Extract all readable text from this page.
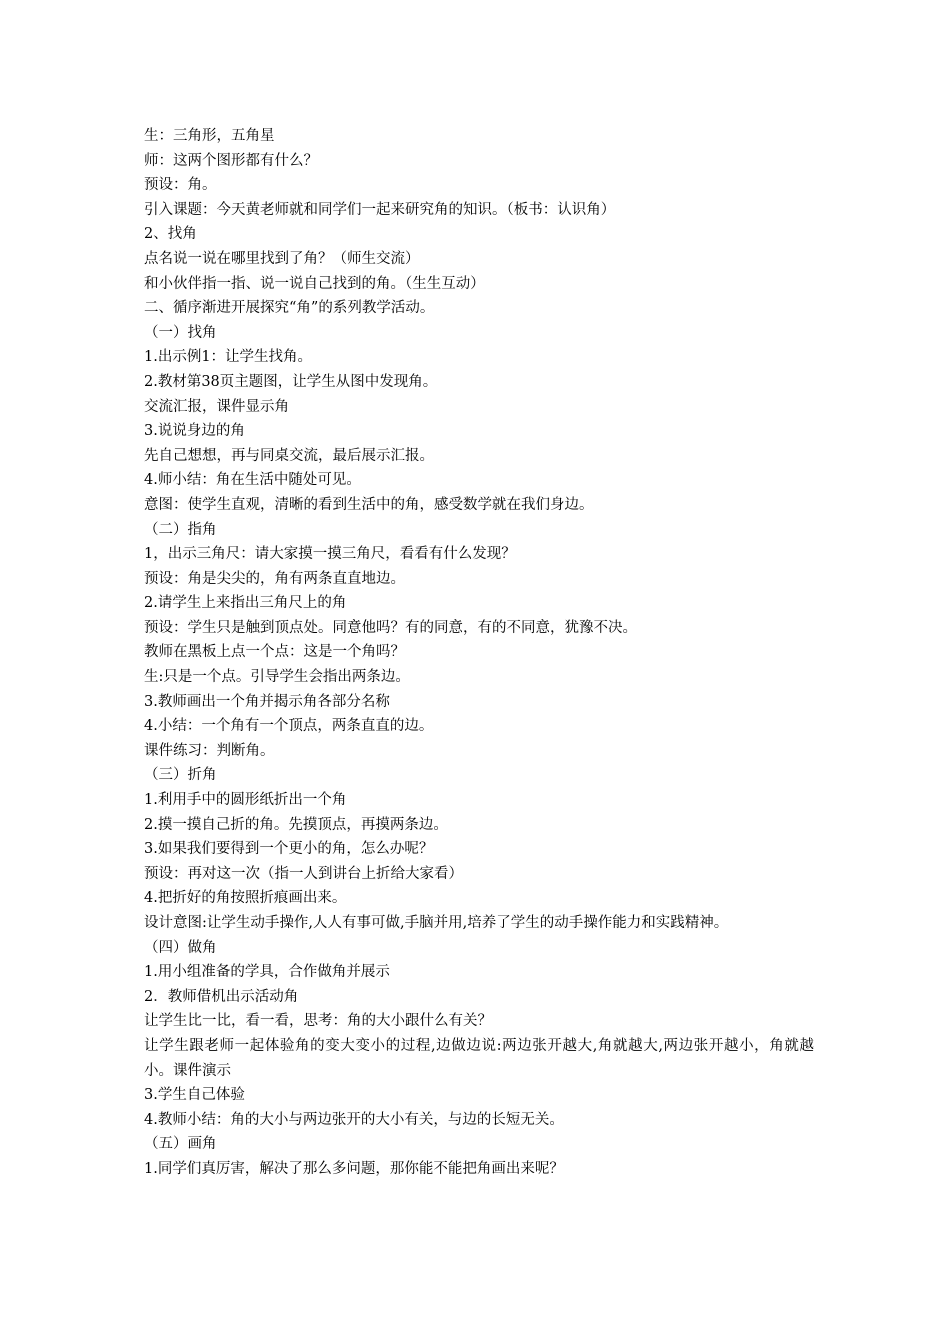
生：三角形，五角星

师：这两个图形都有什么？

预设：角。

引入课题：今天黄老师就和同学们一起来研究角的知识。（板书：认识角）

2、找角

点名说一说在哪里找到了角？（师生交流）

和小伙伴指一指、说一说自己找到的角。（生生互动）

二、循序渐进开展探究“角”的系列教学活动。

（一）找角

1.出示例1：让学生找角。

2.教材第38页主题图，让学生从图中发现角。

交流汇报，课件显示角

3.说说身边的角

先自己想想，再与同桌交流，最后展示汇报。

4.师小结：角在生活中随处可见。

意图：使学生直观，清晰的看到生活中的角，感受数学就在我们身边。

（二）指角

1，出示三角尺：请大家摸一摸三角尺，看看有什么发现？

预设：角是尖尖的，角有两条直直地边。

2.请学生上来指出三角尺上的角

预设：学生只是触到顶点处。同意他吗？有的同意，有的不同意，犹豫不决。

教师在黑板上点一个点：这是一个角吗？

生:只是一个点。引导学生会指出两条边。

3.教师画出一个角并揭示角各部分名称

4.小结：一个角有一个顶点，两条直直的边。

课件练习：判断角。

（三）折角

1.利用手中的圆形纸折出一个角

2.摸一摸自己折的角。先摸顶点，再摸两条边。

3.如果我们要得到一个更小的角，怎么办呢？

预设：再对这一次（指一人到讲台上折给大家看）

4.把折好的角按照折痕画出来。

设计意图:让学生动手操作,人人有事可做,手脑并用,培养了学生的动手操作能力和实践精神。

（四）做角

1.用小组准备的学具，合作做角并展示

2．教师借机出示活动角

让学生比一比，看一看，思考：角的大小跟什么有关？

让学生跟老师一起体验角的变大变小的过程,边做边说:两边张开越大,角就越大,两边张开越小，角就越小。课件演示

3.学生自己体验

4.教师小结：角的大小与两边张开的大小有关，与边的长短无关。

（五）画角

1.同学们真厉害，解决了那么多问题，那你能不能把角画出来呢？
